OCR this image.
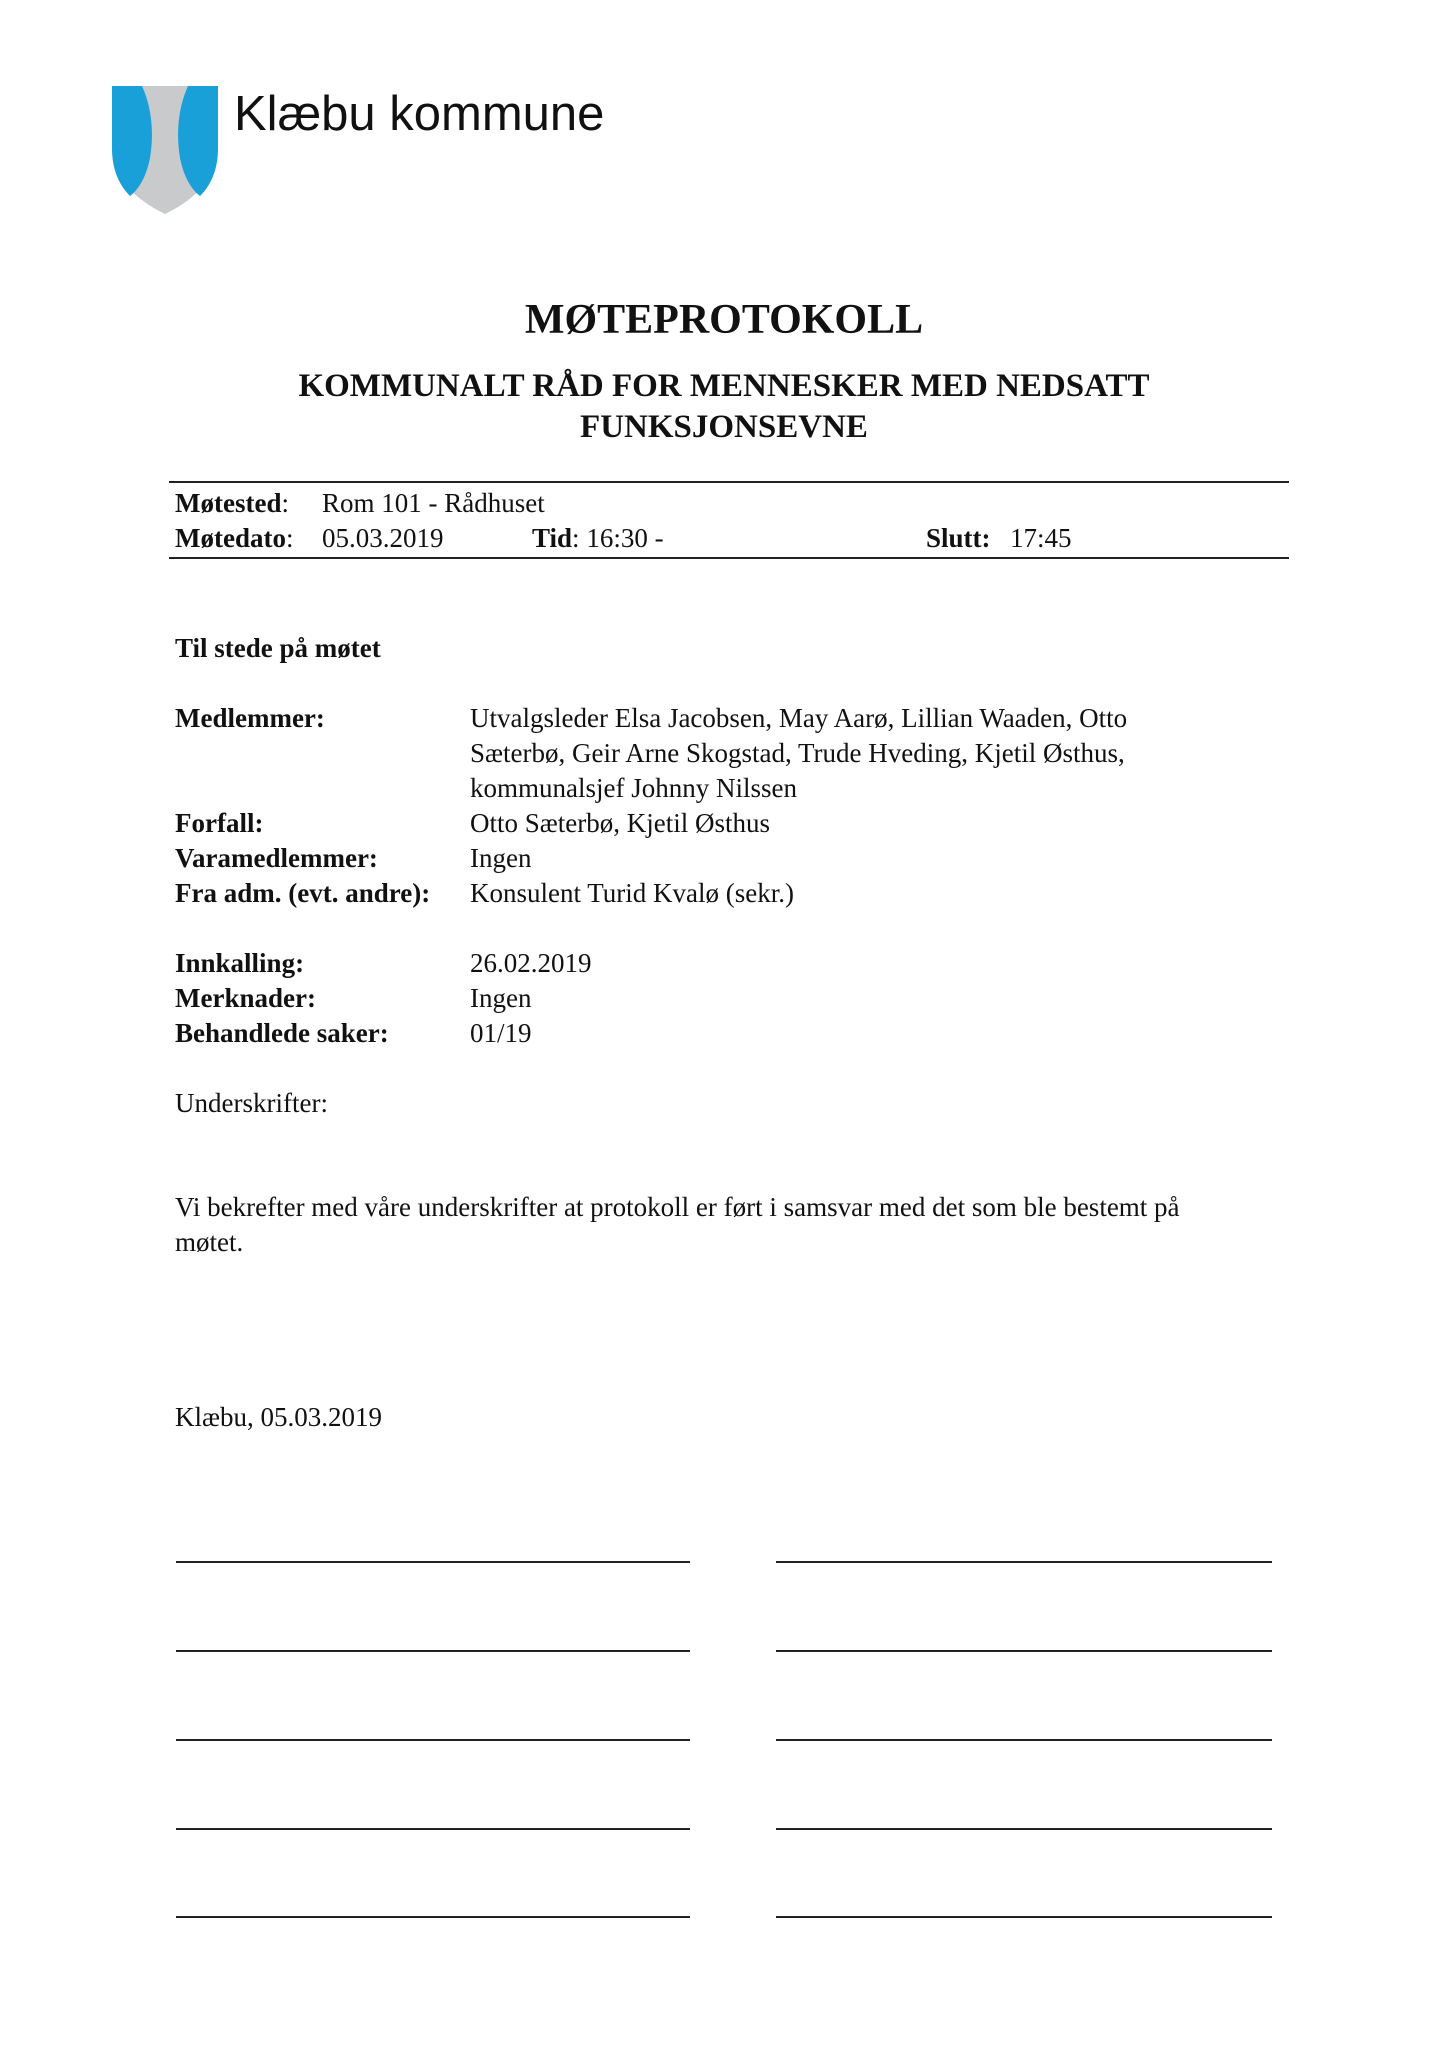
Klæbu kommune
MØTEPROTOKOLL
KOMMUNALT RÅD FOR MENNESKER MED NEDSATT
FUNKSJONSEVNE
Møtested: Rom 101 - Rådhuset
Møtedato: 05.03.2019	Tid: 16:30 -	Slutt: 17:45
Til stede på møtet
Medlemmer:	Utvalgsleder Elsa Jacobsen, May Aarø, Lillian Waaden, Otto
Sæterbø, Geir Arne Skogstad, Trude Hveding, Kjetil Østhus,
kommunalsjef Johnny Nilssen
Forfall:	Otto Sæterbø, Kjetil Østhus
Varamedlemmer:	Ingen
Fra adm. (evt. andre): Konsulent Turid Kvalø (sekr.)
Innkalling:	26.02.2019
Merknader:	Ingen
Behandlede saker:	01/19
Underskrifter:
Vi bekrefter med våre underskrifter at protokoll er ført i samsvar med det som ble bestemt på
møtet.
Klæbu, 05.03.2019
